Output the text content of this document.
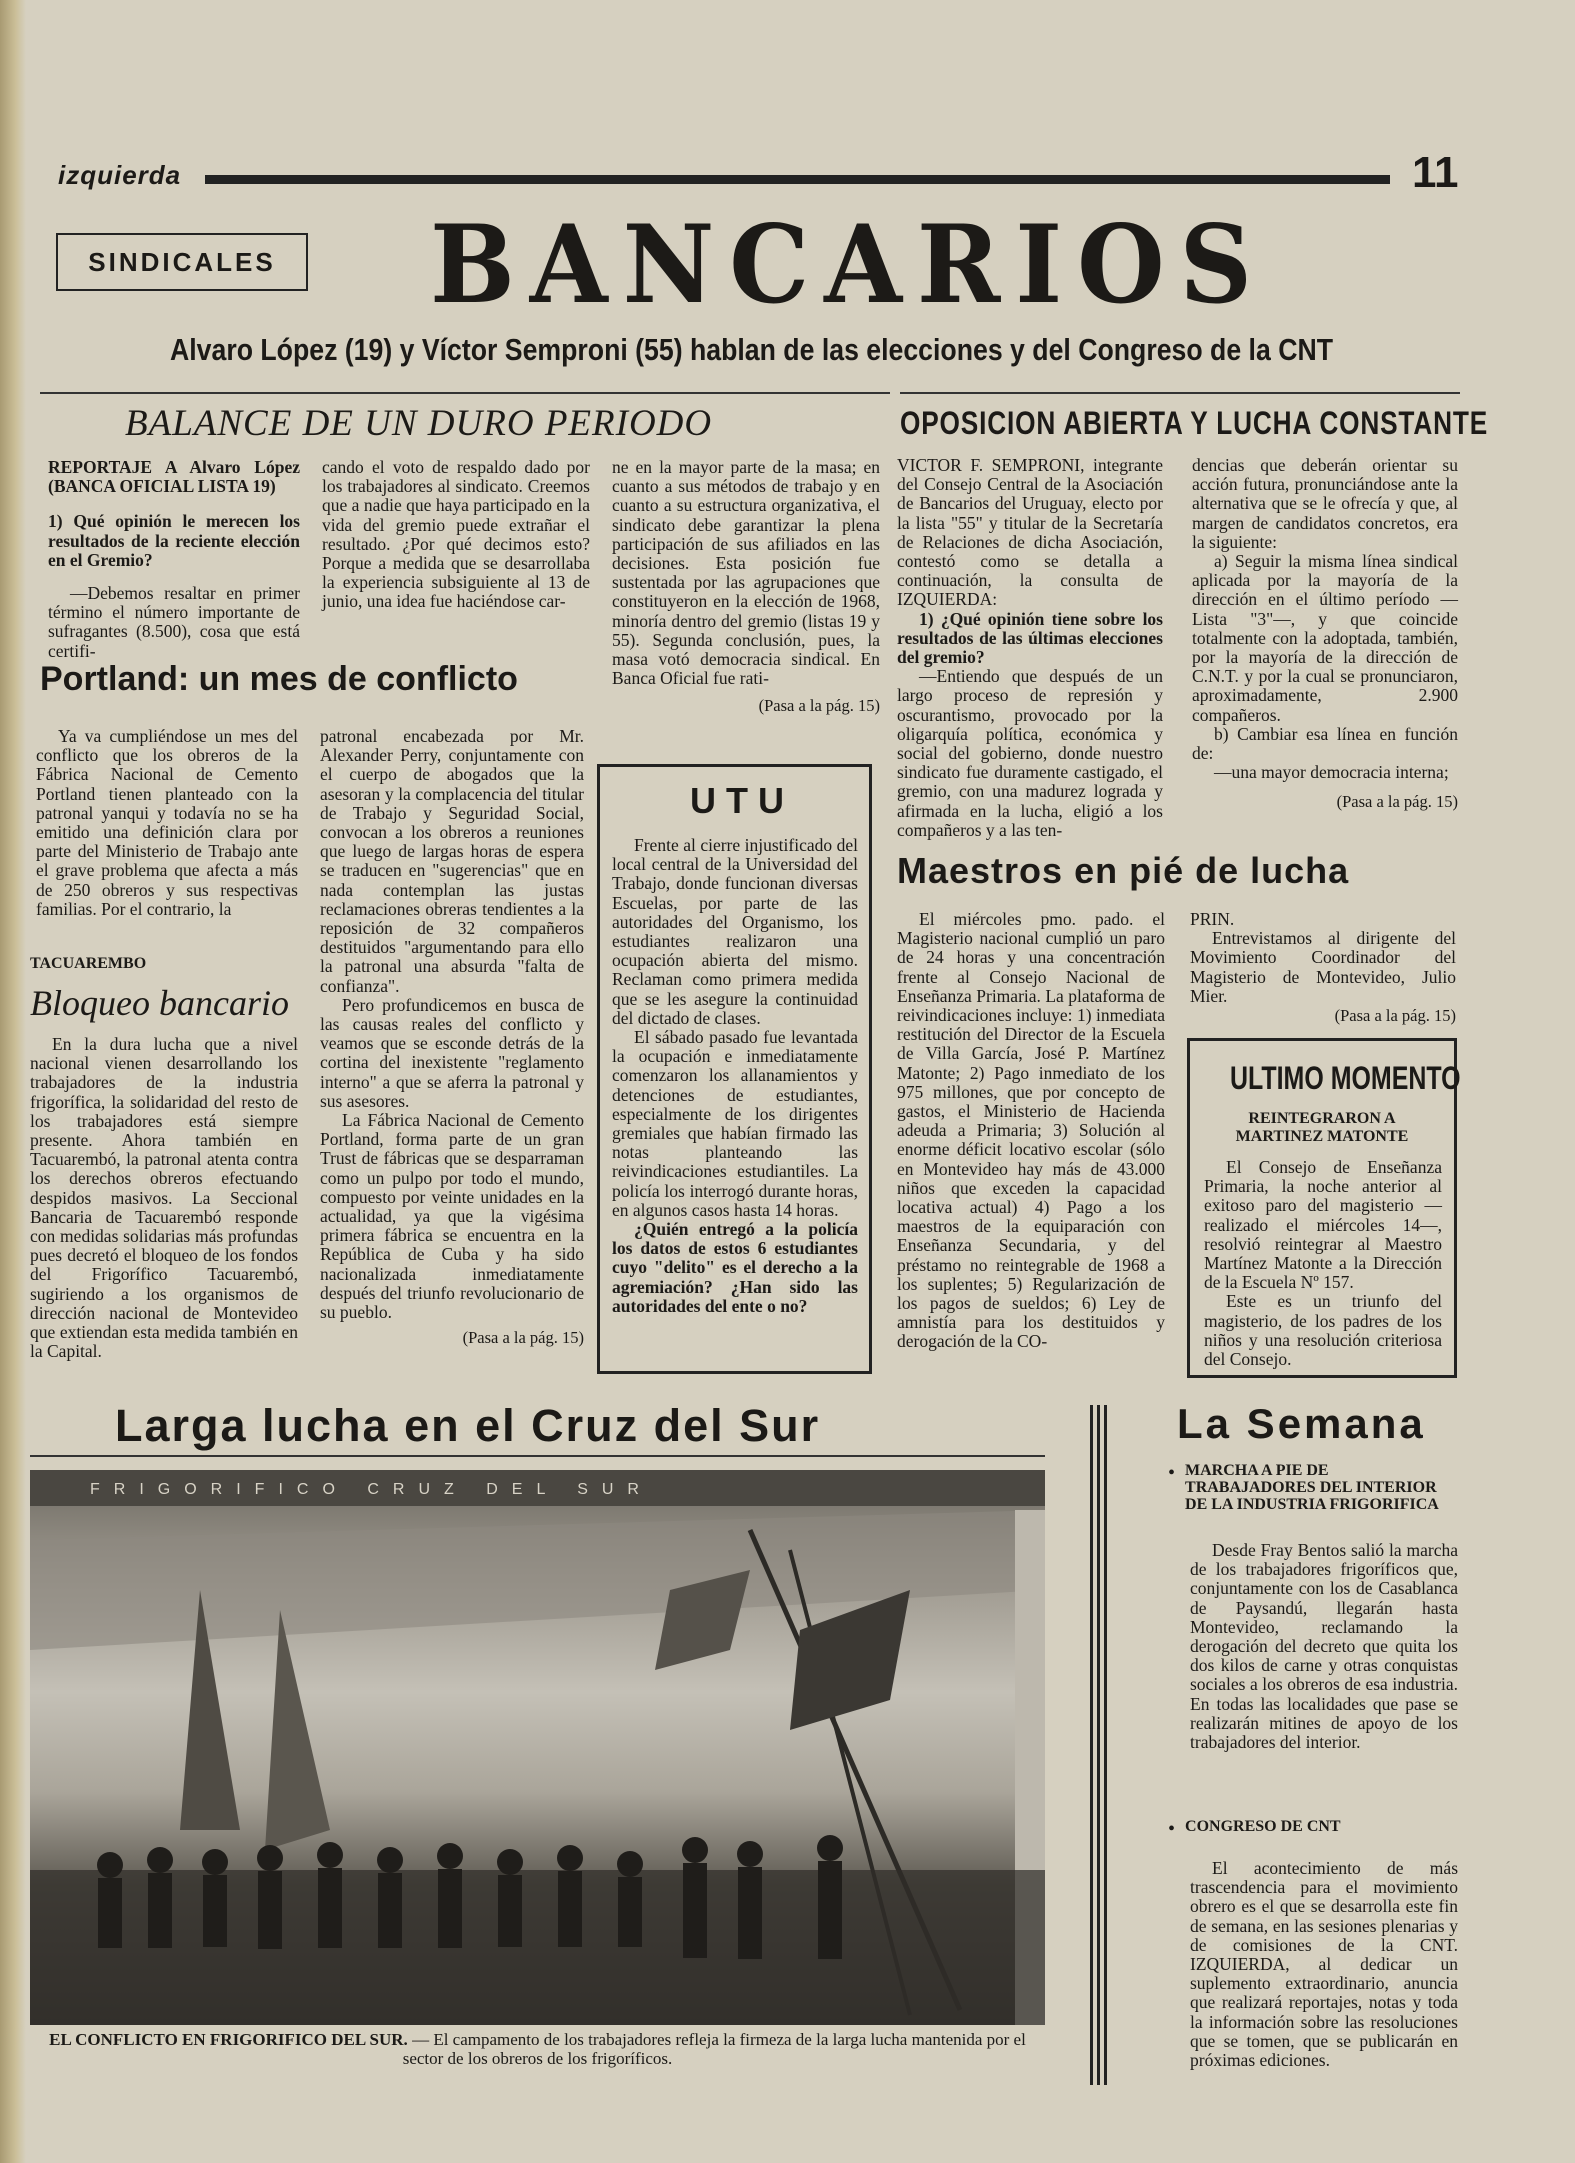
izquierda	11
SINDICALES BANCARIOS
Alvaro López (19) y Víctor Semproni (55) hablan de las elecciones y del Congreso de la CNT
BALANCE DE UN DURO PERIODO

REPORTAJE A Alvaro López (BANCA OFICIAL LISTA 19)

1) Qué opinión le merecen los resultados de la reciente elección en el Gremio?

—Debemos resaltar en primer término el número importante de sufragantes (8.500), cosa que está certifi-

cando el voto de respaldo dado por los trabajadores al sindicato. Creemos que a nadie que haya participado en la vida del gremio puede extrañar el resultado. ¿Por qué decimos esto? Porque a medida que se desarrollaba la experiencia subsiguiente al 13 de junio, una idea fue haciéndose car-

ne en la mayor parte de la masa; en cuanto a sus métodos de trabajo y en cuanto a su estructura organizativa, el sindicato debe garantizar la plena participación de sus afiliados en las decisiones. Esta posición fue sustentada por las agrupaciones que constituyeron en la elección de 1968, minoría dentro del gremio (listas 19 y 55). Segunda conclusión, pues, la masa votó democracia sindical. En Banca Oficial fue rati-

(Pasa a la pág. 15)

Portland: un mes de conflicto

Ya va cumpliéndose un mes del conflicto que los obreros de la Fábrica Nacional de Cemento Portland tienen planteado con la patronal yanqui y todavía no se ha emitido una definición clara por parte del Ministerio de Trabajo ante el grave problema que afecta a más de 250 obreros y sus respectivas familias. Por el contrario, la

TACUAREMBO
Bloqueo bancario

En la dura lucha que a nivel nacional vienen desarrollando los trabajadores de la industria frigorífica, la solidaridad del resto de los trabajadores está siempre presente. Ahora también en Tacuarembó, la patronal atenta contra los derechos obreros efectuando despidos masivos. La Seccional Bancaria de Tacuarembó responde con medidas solidarias más profundas pues decretó el bloqueo de los fondos del Frigorífico Tacuarembó, sugiriendo a los organismos de dirección nacional de Montevideo que extiendan esta medida también en la Capital.

patronal encabezada por Mr. Alexander Perry, conjuntamente con el cuerpo de abogados que la asesoran y la complacencia del titular de Trabajo y Seguridad Social, convocan a los obreros a reuniones que luego de largas horas de espera se traducen en "sugerencias" que en nada contemplan las justas reclamaciones obreras tendientes a la reposición de 32 compañeros destituidos "argumentando para ello la patronal una absurda "falta de confianza".

Pero profundicemos en busca de las causas reales del conflicto y veamos que se esconde detrás de la cortina del inexistente "reglamento interno" a que se aferra la patronal y sus asesores.

La Fábrica Nacional de Cemento Portland, forma parte de un gran Trust de fábricas que se desparraman como un pulpo por todo el mundo, compuesto por veinte unidades en la actualidad, ya que la vigésima primera fábrica se encuentra en la República de Cuba y ha sido nacionalizada inmediatamente después del triunfo revolucionario de su pueblo.

(Pasa a la pág. 15)

UTU

Frente al cierre injustificado del local central de la Universidad del Trabajo, donde funcionan diversas Escuelas, por parte de las autoridades del Organismo, los estudiantes realizaron una ocupación abierta del mismo. Reclaman como primera medida que se les asegure la continuidad del dictado de clases.

El sábado pasado fue levantada la ocupación e inmediatamente comenzaron los allanamientos y detenciones de estudiantes, especialmente de los dirigentes gremiales que habían firmado las notas planteando las reivindicaciones estudiantiles. La policía los interrogó durante horas, en algunos casos hasta 14 horas.

¿Quién entregó a la policía los datos de estos 6 estudiantes cuyo "delito" es el derecho a la agremiación? ¿Han sido las autoridades del ente o no?

OPOSICION ABIERTA Y LUCHA CONSTANTE

VICTOR F. SEMPRONI, integrante del Consejo Central de la Asociación de Bancarios del Uruguay, electo por la lista "55" y titular de la Secretaría de Relaciones de dicha Asociación, contestó como se detalla a continuación, la consulta de IZQUIERDA:

1) ¿Qué opinión tiene sobre los resultados de las últimas elecciones del gremio?

—Entiendo que después de un largo proceso de represión y oscurantismo, provocado por la oligarquía política, económica y social del gobierno, donde nuestro sindicato fue duramente castigado, el gremio, con una madurez lograda y afirmada en la lucha, eligió a los compañeros y a las ten-

dencias que deberán orientar su acción futura, pronunciándose ante la alternativa que se le ofrecía y que, al margen de candidatos concretos, era la siguiente:

a) Seguir la misma línea sindical aplicada por la mayoría de la dirección en el último período —Lista "3"—, y que coincide totalmente con la adoptada, también, por la mayoría de la dirección de C.N.T. y por la cual se pronunciaron, aproximadamente, 2.900 compañeros.

b) Cambiar esa línea en función de:

—una mayor democracia interna;

(Pasa a la pág. 15)

Maestros en pié de lucha

El miércoles pmo. pado. el Magisterio nacional cumplió un paro de 24 horas y una concentración frente al Consejo Nacional de Enseñanza Primaria. La plataforma de reivindicaciones incluye: 1) inmediata restitución del Director de la Escuela de Villa García, José P. Martínez Matonte; 2) Pago inmediato de los 975 millones, que por concepto de gastos, el Ministerio de Hacienda adeuda a Primaria; 3) Solución al enorme déficit locativo escolar (sólo en Montevideo hay más de 43.000 niños que exceden la capacidad locativa actual) 4) Pago a los maestros de la equiparación con Enseñanza Secundaria, y del préstamo no reintegrable de 1968 a los suplentes; 5) Regularización de los pagos de sueldos; 6) Ley de amnistía para los destituidos y derogación de la CO-

PRIN.

Entrevistamos al dirigente del Movimiento Coordinador del Magisterio de Montevideo, Julio Mier.

(Pasa a la pág. 15)

ULTIMO MOMENTO
REINTEGRARON A MARTINEZ MATONTE

El Consejo de Enseñanza Primaria, la noche anterior al exitoso paro del magisterio —realizado el miércoles 14—, resolvió reintegrar al Maestro Martínez Matonte a la Dirección de la Escuela Nº 157.

Este es un triunfo del magisterio, de los padres de los niños y una resolución criteriosa del Consejo.

Larga lucha en el Cruz del Sur
FRIGORIFICO CRUZ DEL SUR
EL CONFLICTO EN FRIGORIFICO DEL SUR. — El campamento de los trabajadores refleja la firmeza de la larga lucha mantenida por el sector de los obreros de los frigoríficos.
La Semana
• MARCHA A PIE DE TRABAJADORES DEL INTERIOR DE LA INDUSTRIA FRIGORIFICA

Desde Fray Bentos salió la marcha de los trabajadores frigoríficos que, conjuntamente con los de Casablanca de Paysandú, llegarán hasta Montevideo, reclamando la derogación del decreto que quita los dos kilos de carne y otras conquistas sociales a los obreros de esa industria. En todas las localidades que pase se realizarán mitines de apoyo de los trabajadores del interior.

• CONGRESO DE CNT

El acontecimiento de más trascendencia para el movimiento obrero es el que se desarrolla este fin de semana, en las sesiones plenarias y de comisiones de la CNT. IZQUIERDA, al dedicar un suplemento extraordinario, anuncia que realizará reportajes, notas y toda la información sobre las resoluciones que se tomen, que se publicarán en próximas ediciones.
